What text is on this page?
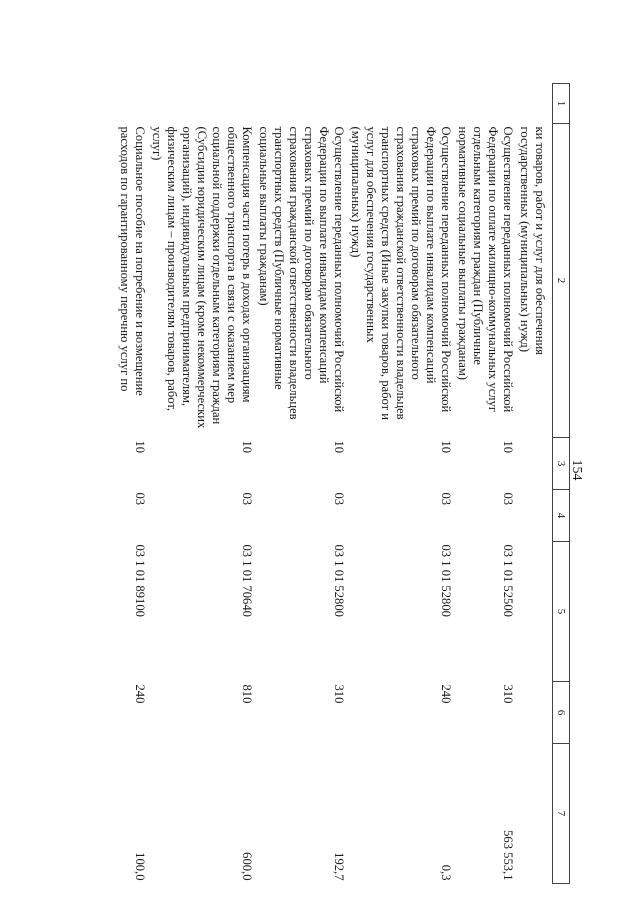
154
1	2	3	4	5	6	7

	ки товаров, работ и услуг для обеспечения государственных (муниципальных) нужд)					
	Осуществление переданных полномочий Российской Федерации по оплате жилищно-коммунальных услуг отдельным категориям граждан (Публичные нормативные социальные выплаты гражданам)	10	03	03 1 01 52500	310	563 553,1
	Осуществление переданных полномочий Российской Федерации по выплате инвалидам компенсаций страховых премий по договорам обязательного страхования гражданской ответственности владельцев транспортных средств (Иные закупки товаров, работ и услуг для обеспечения государственных (муниципальных) нужд)	10	03	03 1 01 52800	240	0,3
	Осуществление переданных полномочий Российской Федерации по выплате инвалидам компенсаций страховых премий по договорам обязательного страхования гражданской ответственности владельцев транспортных средств (Публичные нормативные социальные выплаты гражданам)	10	03	03 1 01 52800	310	192,7
	Компенсация части потерь в доходах организациям общественного транспорта в связи с оказанием мер социальной поддержки отдельным категориям граждан (Субсидии юридическим лицам (кроме некоммерческих организаций), индивидуальным предпринимателям, физическим лицам – производителям товаров, работ, услуг)	10	03	03 1 01 70640	810	600,0
	Социальное пособие на погребение и возмещение расходов по гарантированному перечню услуг по	10	03	03 1 01 89100	240	100,0
